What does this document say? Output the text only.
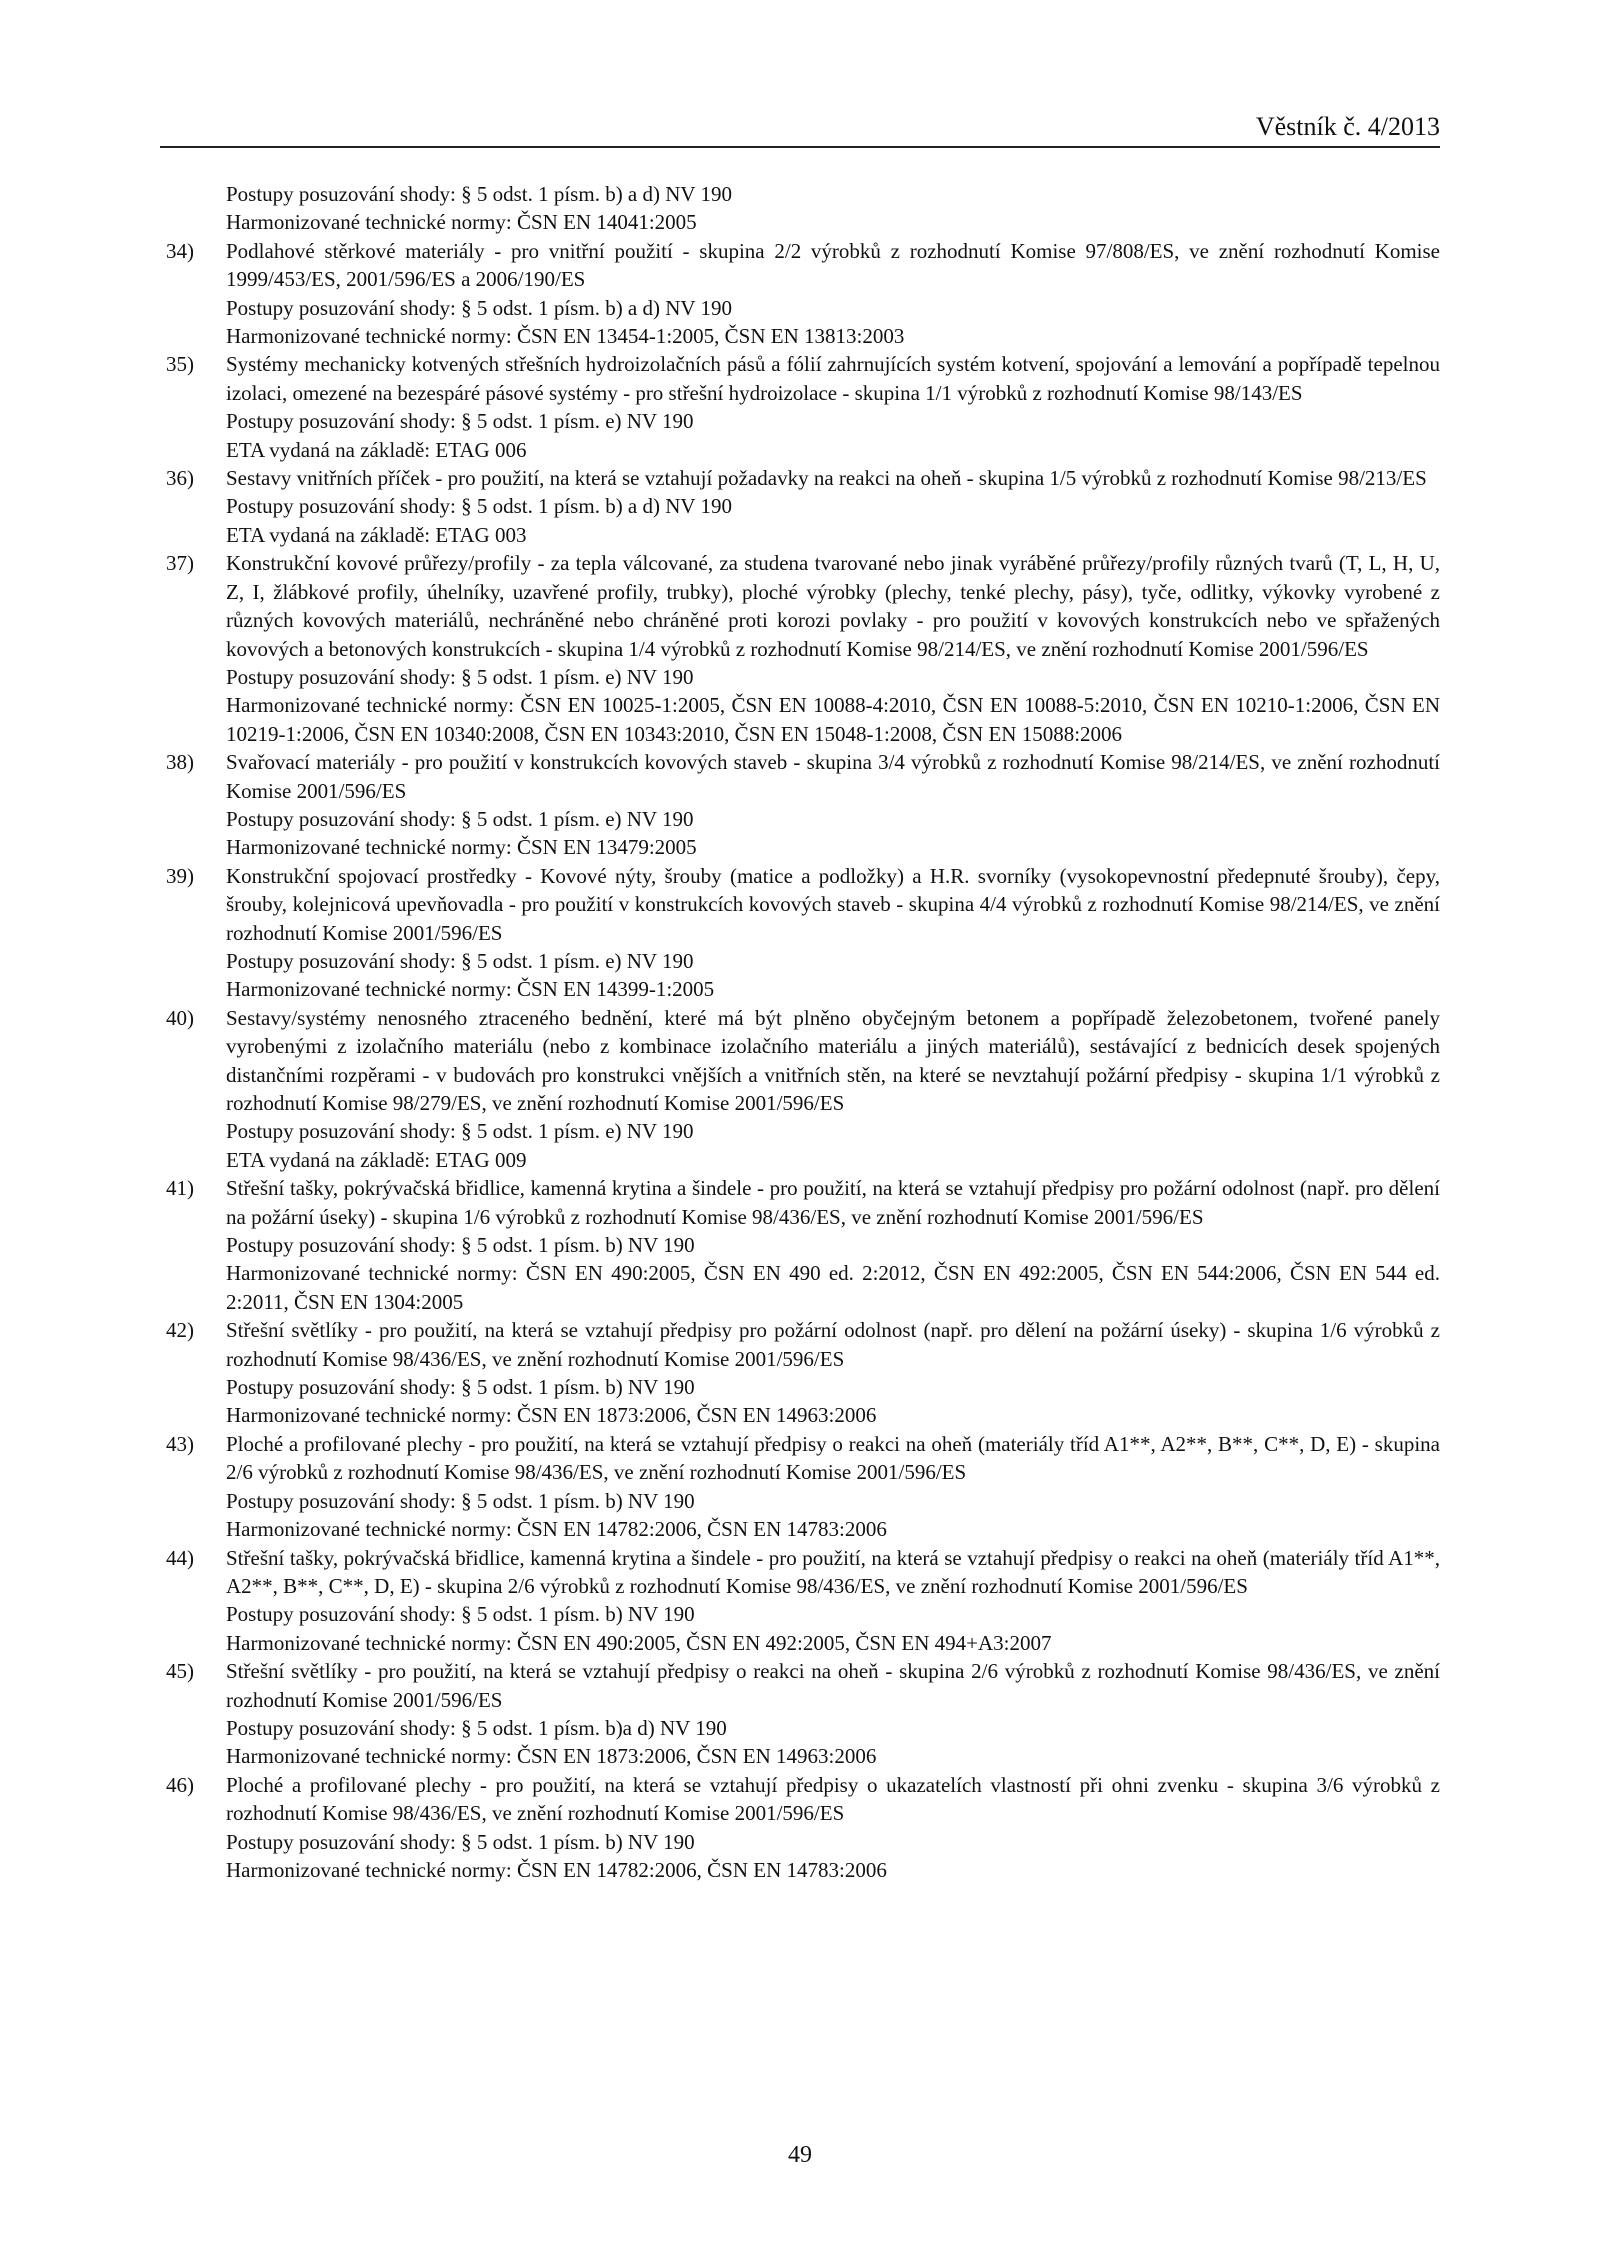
Věstník č. 4/2013
Postupy posuzování shody: § 5 odst. 1 písm. b) a d) NV 190
Harmonizované technické normy: ČSN EN 14041:2005
34)	Podlahové stěrkové materiály - pro vnitřní použití - skupina 2/2 výrobků z rozhodnutí Komise 97/808/ES, ve znění rozhodnutí Komise 1999/453/ES, 2001/596/ES a 2006/190/ES
Postupy posuzování shody: § 5 odst. 1 písm. b) a d) NV 190
Harmonizované technické normy: ČSN EN 13454-1:2005, ČSN EN 13813:2003
35)	Systémy mechanicky kotvených střešních hydroizolačních pásů a fólií zahrnujících systém kotvení, spojování a lemování a popřípadě tepelnou izolaci, omezené na bezespáré pásové systémy - pro střešní hydroizolace - skupina 1/1 výrobků z rozhodnutí Komise 98/143/ES
Postupy posuzování shody: § 5 odst. 1 písm. e) NV 190
ETA vydaná na základě: ETAG 006
36)	Sestavy vnitřních příček - pro použití, na která se vztahují požadavky na reakci na oheň - skupina 1/5 výrobků z rozhodnutí Komise 98/213/ES
Postupy posuzování shody: § 5 odst. 1 písm. b) a d) NV 190
ETA vydaná na základě: ETAG 003
37)	Konstrukční kovové průřezy/profily - za tepla válcované, za studena tvarované nebo jinak vyráběné průřezy/profily různých tvarů (T, L, H, U, Z, I, žlábkové profily, úhelníky, uzavřené profily, trubky), ploché výrobky (plechy, tenké plechy, pásy), tyče, odlitky, výkovky vyrobené z různých kovových materiálů, nechráněné nebo chráněné proti korozi povlaky - pro použití v kovových konstrukcích nebo ve spřažených kovových a betonových konstrukcích - skupina 1/4 výrobků z rozhodnutí Komise 98/214/ES, ve znění rozhodnutí Komise 2001/596/ES
Postupy posuzování shody: § 5 odst. 1 písm. e) NV 190
Harmonizované technické normy: ČSN EN 10025-1:2005, ČSN EN 10088-4:2010, ČSN EN 10088-5:2010, ČSN EN 10210-1:2006, ČSN EN 10219-1:2006, ČSN EN 10340:2008, ČSN EN 10343:2010, ČSN EN 15048-1:2008, ČSN EN 15088:2006
38)	Svařovací materiály - pro použití v konstrukcích kovových staveb - skupina 3/4 výrobků z rozhodnutí Komise 98/214/ES, ve znění rozhodnutí Komise 2001/596/ES
Postupy posuzování shody: § 5 odst. 1 písm. e) NV 190
Harmonizované technické normy: ČSN EN 13479:2005
39)	Konstrukční spojovací prostředky - Kovové nýty, šrouby (matice a podložky) a H.R. svorníky (vysokopevnostní předepnuté šrouby), čepy, šrouby, kolejnicová upevňovadla - pro použití v konstrukcích kovových staveb - skupina 4/4 výrobků z rozhodnutí Komise 98/214/ES, ve znění rozhodnutí Komise 2001/596/ES
Postupy posuzování shody: § 5 odst. 1 písm. e) NV 190
Harmonizované technické normy: ČSN EN 14399-1:2005
40)	Sestavy/systémy nenosného ztraceného bednění, které má být plněno obyčejným betonem a popřípadě železobetonem, tvořené panely vyrobenými z izolačního materiálu (nebo z kombinace izolačního materiálu a jiných materiálů), sestávající z bednicích desek spojených distančními rozpěrami - v budovách pro konstrukci vnějších a vnitřních stěn, na které se nevztahují požární předpisy - skupina 1/1 výrobků z rozhodnutí Komise 98/279/ES, ve znění rozhodnutí Komise 2001/596/ES
Postupy posuzování shody: § 5 odst. 1 písm. e) NV 190
ETA vydaná na základě: ETAG 009
41)	Střešní tašky, pokrývačská břidlice, kamenná krytina a šindele - pro použití, na která se vztahují předpisy pro požární odolnost (např. pro dělení na požární úseky) - skupina 1/6 výrobků z rozhodnutí Komise 98/436/ES, ve znění rozhodnutí Komise 2001/596/ES
Postupy posuzování shody: § 5 odst. 1 písm. b) NV 190
Harmonizované technické normy: ČSN EN 490:2005, ČSN EN 490 ed. 2:2012, ČSN EN 492:2005, ČSN EN 544:2006, ČSN EN 544 ed. 2:2011, ČSN EN 1304:2005
42)	Střešní světlíky - pro použití, na která se vztahují předpisy pro požární odolnost (např. pro dělení na požární úseky) - skupina 1/6 výrobků z rozhodnutí Komise 98/436/ES, ve znění rozhodnutí Komise 2001/596/ES
Postupy posuzování shody: § 5 odst. 1 písm. b) NV 190
Harmonizované technické normy: ČSN EN 1873:2006, ČSN EN 14963:2006
43)	Ploché a profilované plechy - pro použití, na která se vztahují předpisy o reakci na oheň (materiály tříd A1**, A2**, B**, C**, D, E) - skupina 2/6 výrobků z rozhodnutí Komise 98/436/ES, ve znění rozhodnutí Komise 2001/596/ES
Postupy posuzování shody: § 5 odst. 1 písm. b) NV 190
Harmonizované technické normy: ČSN EN 14782:2006, ČSN EN 14783:2006
44)	Střešní tašky, pokrývačská břidlice, kamenná krytina a šindele - pro použití, na která se vztahují předpisy o reakci na oheň (materiály tříd A1**, A2**, B**, C**, D, E) - skupina 2/6 výrobků z rozhodnutí Komise 98/436/ES, ve znění rozhodnutí Komise 2001/596/ES
Postupy posuzování shody: § 5 odst. 1 písm. b) NV 190
Harmonizované technické normy: ČSN EN 490:2005, ČSN EN 492:2005, ČSN EN 494+A3:2007
45)	Střešní světlíky - pro použití, na která se vztahují předpisy o reakci na oheň - skupina 2/6 výrobků z rozhodnutí Komise 98/436/ES, ve znění rozhodnutí Komise 2001/596/ES
Postupy posuzování shody: § 5 odst. 1 písm. b)a d) NV 190
Harmonizované technické normy: ČSN EN 1873:2006, ČSN EN 14963:2006
46)	Ploché a profilované plechy - pro použití, na která se vztahují předpisy o ukazatelích vlastností při ohni zvenku - skupina 3/6 výrobků z rozhodnutí Komise 98/436/ES, ve znění rozhodnutí Komise 2001/596/ES
Postupy posuzování shody: § 5 odst. 1 písm. b) NV 190
Harmonizované technické normy: ČSN EN 14782:2006, ČSN EN 14783:2006
49
